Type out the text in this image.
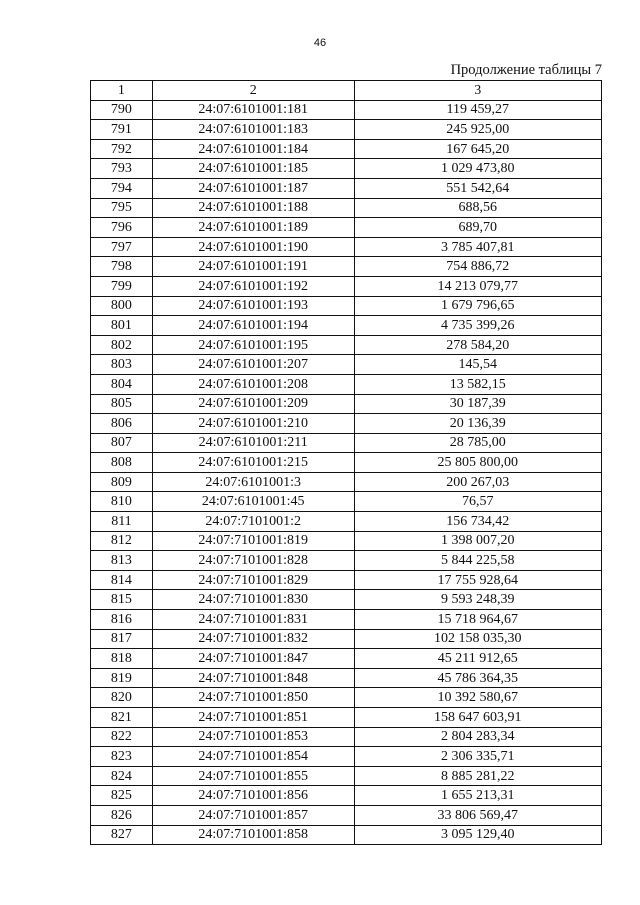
46
Продолжение таблицы 7
1	2	3
790	24:07:6101001:181	119 459,27
791	24:07:6101001:183	245 925,00
792	24:07:6101001:184	167 645,20
793	24:07:6101001:185	1 029 473,80
794	24:07:6101001:187	551 542,64
795	24:07:6101001:188	688,56
796	24:07:6101001:189	689,70
797	24:07:6101001:190	3 785 407,81
798	24:07:6101001:191	754 886,72
799	24:07:6101001:192	14 213 079,77
800	24:07:6101001:193	1 679 796,65
801	24:07:6101001:194	4 735 399,26
802	24:07:6101001:195	278 584,20
803	24:07:6101001:207	145,54
804	24:07:6101001:208	13 582,15
805	24:07:6101001:209	30 187,39
806	24:07:6101001:210	20 136,39
807	24:07:6101001:211	28 785,00
808	24:07:6101001:215	25 805 800,00
809	24:07:6101001:3	200 267,03
810	24:07:6101001:45	76,57
811	24:07:7101001:2	156 734,42
812	24:07:7101001:819	1 398 007,20
813	24:07:7101001:828	5 844 225,58
814	24:07:7101001:829	17 755 928,64
815	24:07:7101001:830	9 593 248,39
816	24:07:7101001:831	15 718 964,67
817	24:07:7101001:832	102 158 035,30
818	24:07:7101001:847	45 211 912,65
819	24:07:7101001:848	45 786 364,35
820	24:07:7101001:850	10 392 580,67
821	24:07:7101001:851	158 647 603,91
822	24:07:7101001:853	2 804 283,34
823	24:07:7101001:854	2 306 335,71
824	24:07:7101001:855	8 885 281,22
825	24:07:7101001:856	1 655 213,31
826	24:07:7101001:857	33 806 569,47
827	24:07:7101001:858	3 095 129,40
